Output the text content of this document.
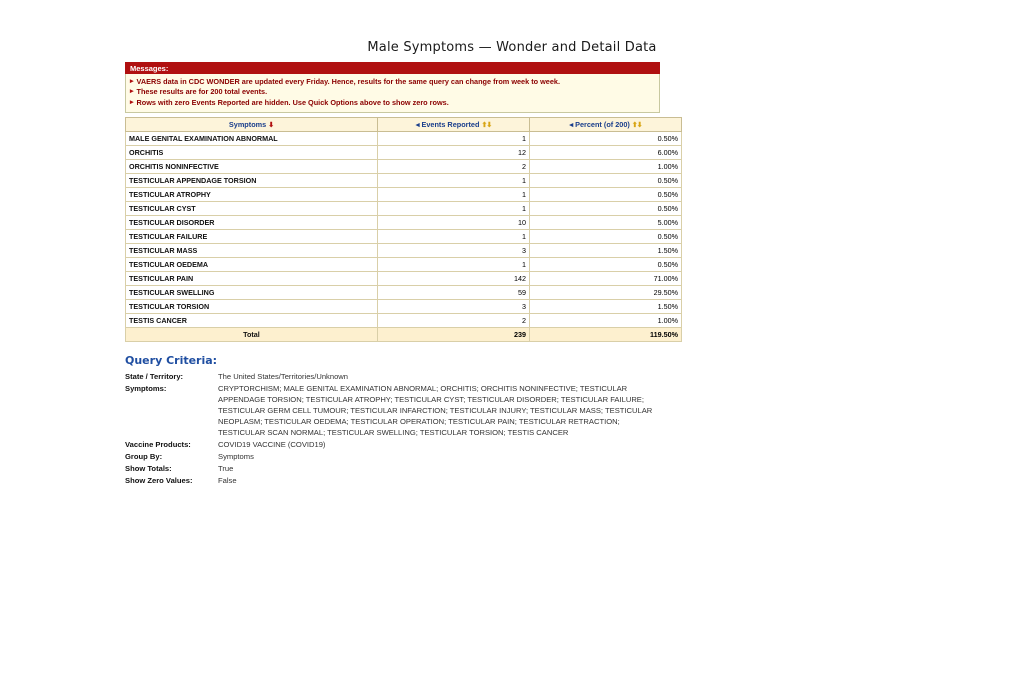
Male Symptoms — Wonder and Detail Data
Messages:
▸ VAERS data in CDC WONDER are updated every Friday. Hence, results for the same query can change from week to week.
▸ These results are for 200 total events.
▸ Rows with zero Events Reported are hidden. Use Quick Options above to show zero rows.
Symptoms ⬇	◂ Events Reported ⬆⬇	◂ Percent (of 200) ⬆⬇
MALE GENITAL EXAMINATION ABNORMAL	1	0.50%
ORCHITIS	12	6.00%
ORCHITIS NONINFECTIVE	2	1.00%
TESTICULAR APPENDAGE TORSION	1	0.50%
TESTICULAR ATROPHY	1	0.50%
TESTICULAR CYST	1	0.50%
TESTICULAR DISORDER	10	5.00%
TESTICULAR FAILURE	1	0.50%
TESTICULAR MASS	3	1.50%
TESTICULAR OEDEMA	1	0.50%
TESTICULAR PAIN	142	71.00%
TESTICULAR SWELLING	59	29.50%
TESTICULAR TORSION	3	1.50%
TESTIS CANCER	2	1.00%
Total	239	119.50%
Query Criteria:
State / Territory:	The United States/Territories/Unknown
Symptoms:	CRYPTORCHISM; MALE GENITAL EXAMINATION ABNORMAL; ORCHITIS; ORCHITIS NONINFECTIVE; TESTICULAR APPENDAGE TORSION; TESTICULAR ATROPHY; TESTICULAR CYST; TESTICULAR DISORDER; TESTICULAR FAILURE; TESTICULAR GERM CELL TUMOUR; TESTICULAR INFARCTION; TESTICULAR INJURY; TESTICULAR MASS; TESTICULAR NEOPLASM; TESTICULAR OEDEMA; TESTICULAR OPERATION; TESTICULAR PAIN; TESTICULAR RETRACTION; TESTICULAR SCAN NORMAL; TESTICULAR SWELLING; TESTICULAR TORSION; TESTIS CANCER
Vaccine Products:	COVID19 VACCINE (COVID19)
Group By:	Symptoms
Show Totals:	True
Show Zero Values:	False
